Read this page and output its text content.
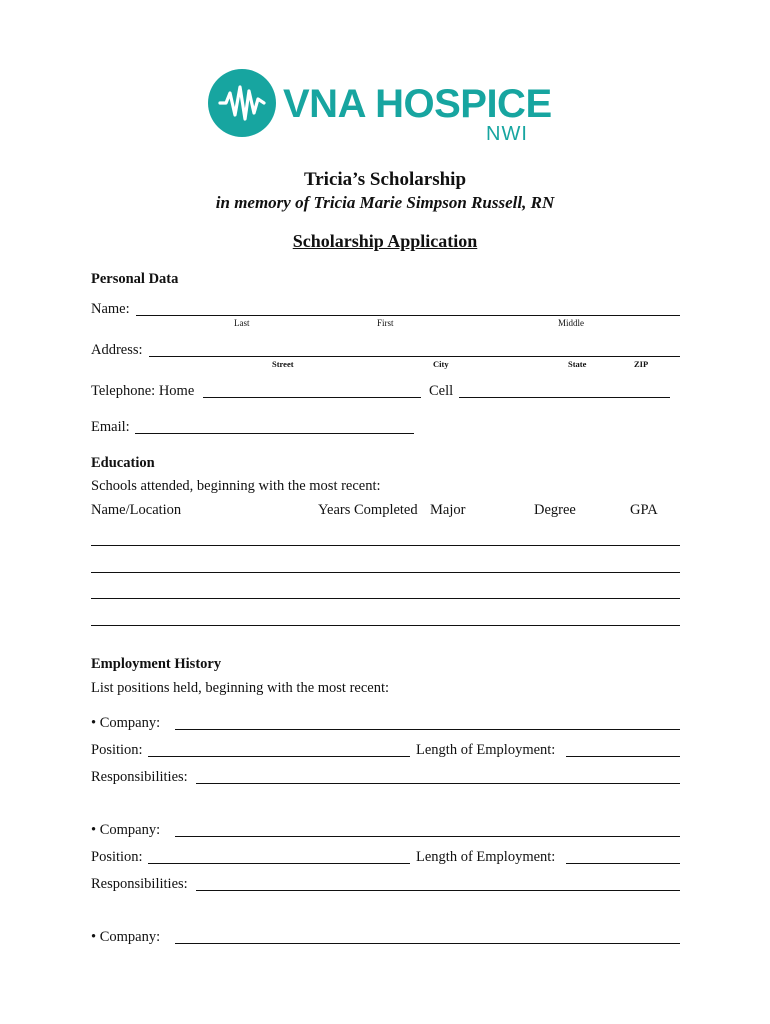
VNA HOSPICE
NWI
Tricia’s Scholarship
in memory of Tricia Marie Simpson Russell, RN
Scholarship Application
Personal Data
Name:
Last	First	Middle
Address:
Street	City	State	ZIP
Telephone: Home	Cell
Email:
Education
Schools attended, beginning with the most recent:
Name/Location	Years Completed Major	Degree	GPA
Employment History
List positions held, beginning with the most recent:
• Company:
Position:	Length of Employment:
Responsibilities:
• Company:
Position:	Length of Employment:
Responsibilities:
• Company:
